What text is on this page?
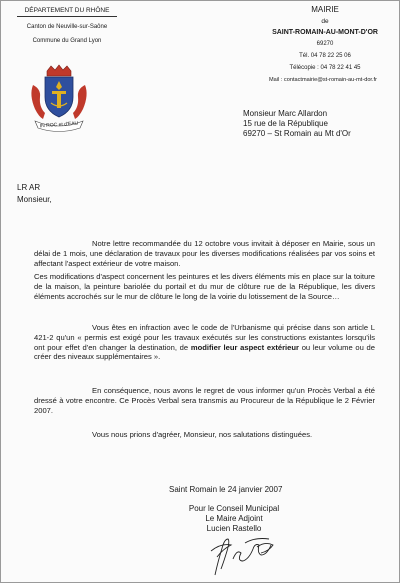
DÉPARTEMENT DU RHÔNE
Canton de Neuville-sur-Saône
Commune du Grand Lyon
IN ROC et d'EAU
MAIRIE
de
SAINT-ROMAIN-AU-MONT-D'OR
69270
Tél. 04 78 22 25 06
Télécopie : 04 78 22 41 45
Mail : contactmairie@st-romain-au-mt-dor.fr
Monsieur Marc Allardon
15 rue de la République
69270 – St Romain au Mt d'Or
LR AR
Monsieur,
Notre lettre recommandée du 12 octobre vous invitait à déposer en Mairie, sous un délai de 1 mois, une déclaration de travaux pour les diverses modifications réalisées par vos soins et affectant l'aspect extérieur de votre maison.
Ces modifications d'aspect concernent les peintures et les divers éléments mis en place sur la toiture de la maison, la peinture bariolée du portail et du mur de clôture rue de la République, les divers éléments accrochés sur le mur de clôture le long de la voirie du lotissement de la Source…
Vous êtes en infraction avec le code de l'Urbanisme qui précise dans son article L 421-2 qu'un « permis est exigé pour les travaux exécutés sur les constructions existantes lorsqu'ils ont pour effet d'en changer la destination, de modifier leur aspect extérieur ou leur volume ou de créer des niveaux supplémentaires ».
En conséquence, nous avons le regret de vous informer qu'un Procès Verbal a été dressé à votre encontre. Ce Procès Verbal sera transmis au Procureur de la République le 2 Février 2007.
Vous nous prions d'agréer, Monsieur, nos salutations distinguées.
Saint Romain le 24 janvier 2007
Pour le Conseil Municipal
Le Maire Adjoint
Lucien Rastello
